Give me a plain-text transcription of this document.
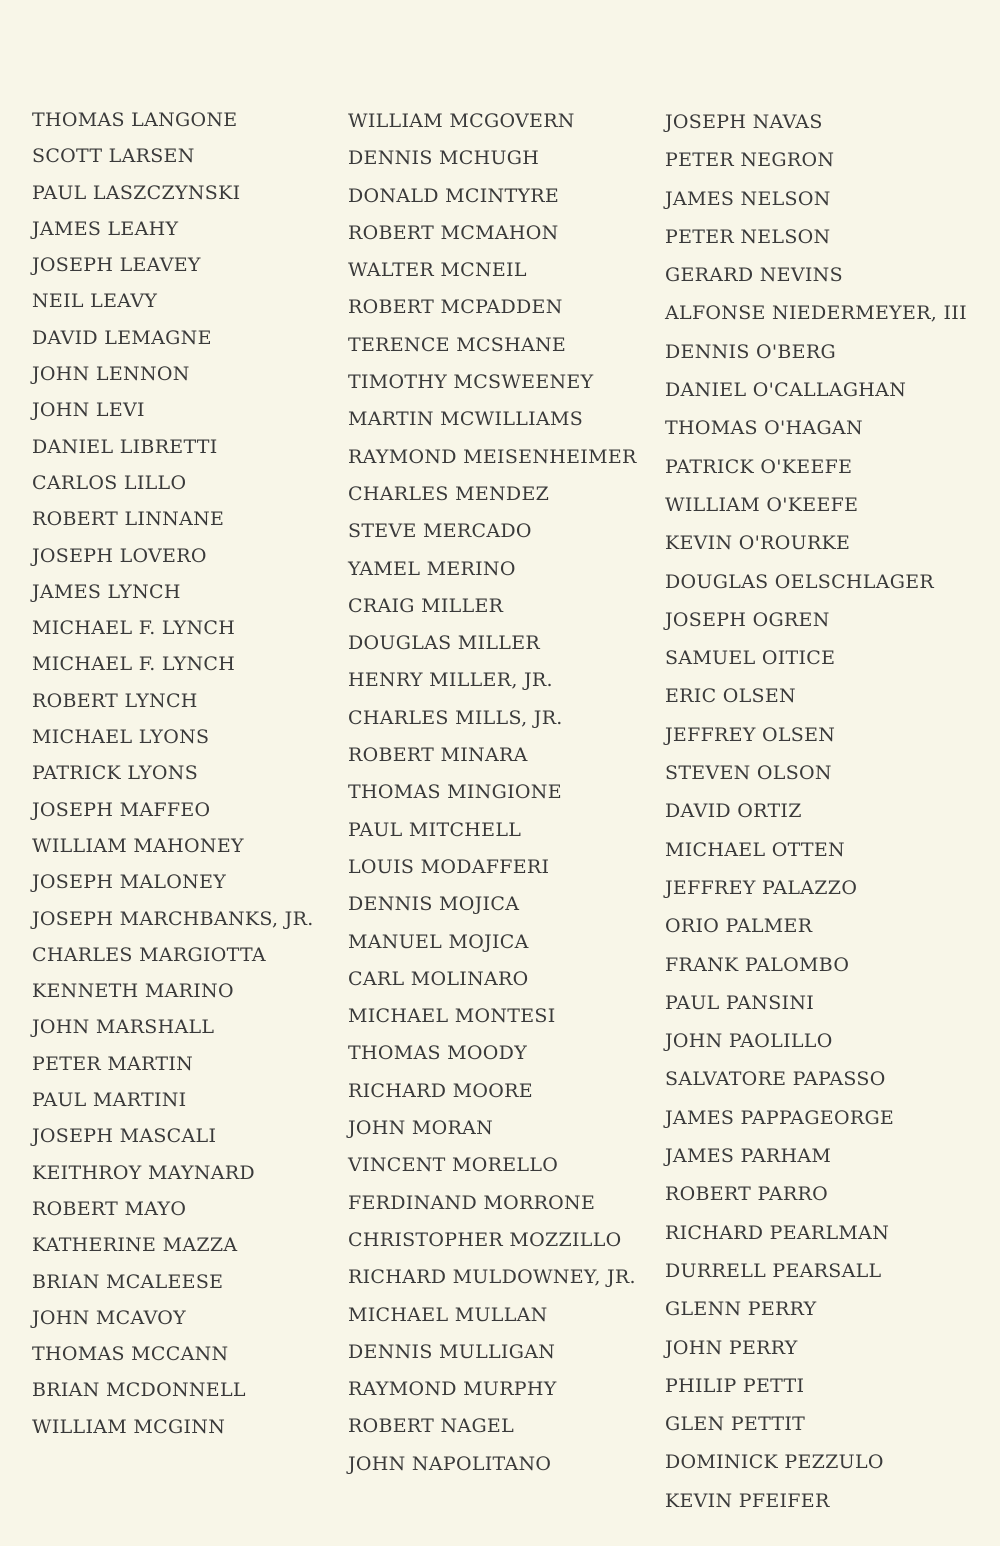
THOMAS LANGONE
SCOTT LARSEN
PAUL LASZCZYNSKI
JAMES LEAHY
JOSEPH LEAVEY
NEIL LEAVY
DAVID LEMAGNE
JOHN LENNON
JOHN LEVI
DANIEL LIBRETTI
CARLOS LILLO
ROBERT LINNANE
JOSEPH LOVERO
JAMES LYNCH
MICHAEL F. LYNCH
MICHAEL F. LYNCH
ROBERT LYNCH
MICHAEL LYONS
PATRICK LYONS
JOSEPH MAFFEO
WILLIAM MAHONEY
JOSEPH MALONEY
JOSEPH MARCHBANKS, JR.
CHARLES MARGIOTTA
KENNETH MARINO
JOHN MARSHALL
PETER MARTIN
PAUL MARTINI
JOSEPH MASCALI
KEITHROY MAYNARD
ROBERT MAYO
KATHERINE MAZZA
BRIAN MCALEESE
JOHN MCAVOY
THOMAS MCCANN
BRIAN MCDONNELL
WILLIAM MCGINN
WILLIAM MCGOVERN
DENNIS MCHUGH
DONALD MCINTYRE
ROBERT MCMAHON
WALTER MCNEIL
ROBERT MCPADDEN
TERENCE MCSHANE
TIMOTHY MCSWEENEY
MARTIN MCWILLIAMS
RAYMOND MEISENHEIMER
CHARLES MENDEZ
STEVE MERCADO
YAMEL MERINO
CRAIG MILLER
DOUGLAS MILLER
HENRY MILLER, JR.
CHARLES MILLS, JR.
ROBERT MINARA
THOMAS MINGIONE
PAUL MITCHELL
LOUIS MODAFFERI
DENNIS MOJICA
MANUEL MOJICA
CARL MOLINARO
MICHAEL MONTESI
THOMAS MOODY
RICHARD MOORE
JOHN MORAN
VINCENT MORELLO
FERDINAND MORRONE
CHRISTOPHER MOZZILLO
RICHARD MULDOWNEY, JR.
MICHAEL MULLAN
DENNIS MULLIGAN
RAYMOND MURPHY
ROBERT NAGEL
JOHN NAPOLITANO
JOSEPH NAVAS
PETER NEGRON
JAMES NELSON
PETER NELSON
GERARD NEVINS
ALFONSE NIEDERMEYER, III
DENNIS O'BERG
DANIEL O'CALLAGHAN
THOMAS O'HAGAN
PATRICK O'KEEFE
WILLIAM O'KEEFE
KEVIN O'ROURKE
DOUGLAS OELSCHLAGER
JOSEPH OGREN
SAMUEL OITICE
ERIC OLSEN
JEFFREY OLSEN
STEVEN OLSON
DAVID ORTIZ
MICHAEL OTTEN
JEFFREY PALAZZO
ORIO PALMER
FRANK PALOMBO
PAUL PANSINI
JOHN PAOLILLO
SALVATORE PAPASSO
JAMES PAPPAGEORGE
JAMES PARHAM
ROBERT PARRO
RICHARD PEARLMAN
DURRELL PEARSALL
GLENN PERRY
JOHN PERRY
PHILIP PETTI
GLEN PETTIT
DOMINICK PEZZULO
KEVIN PFEIFER
